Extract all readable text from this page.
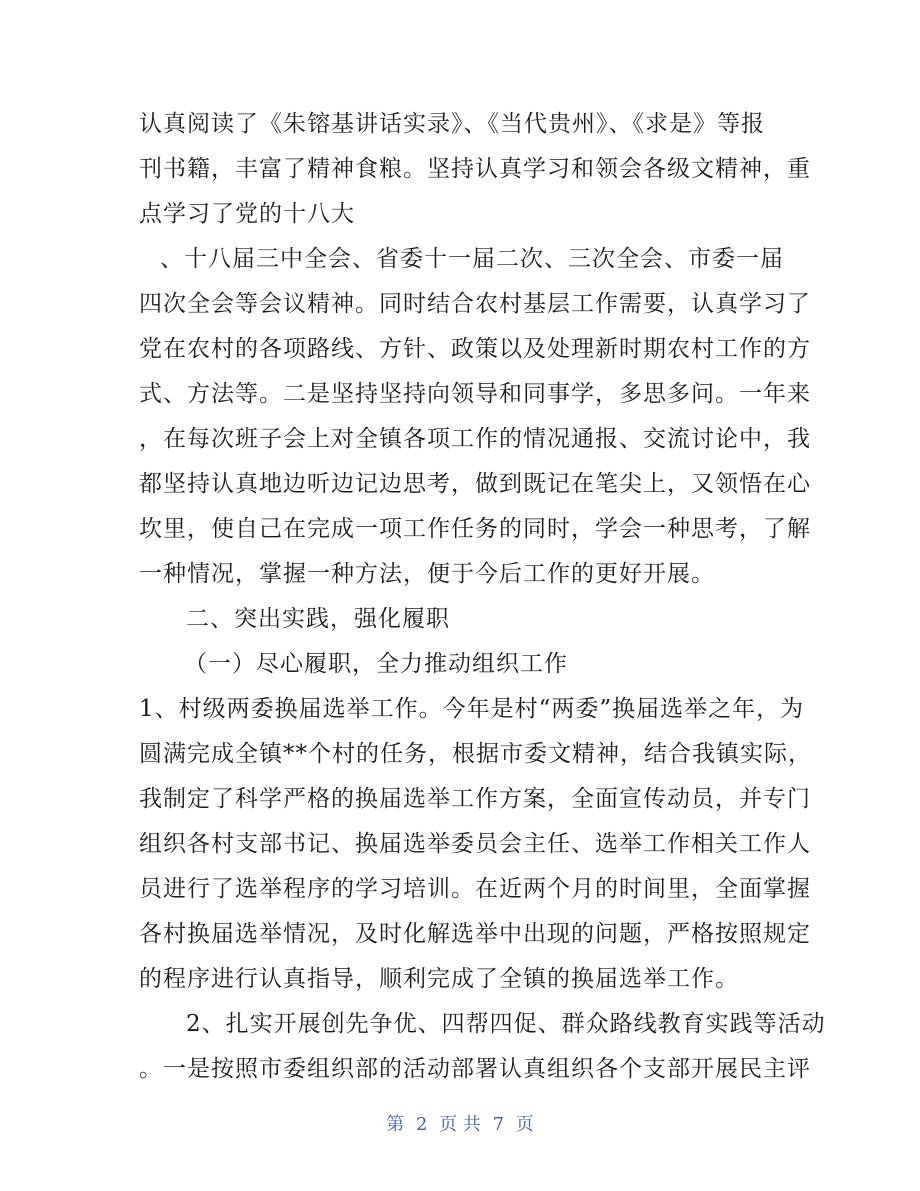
认真阅读了《朱镕基讲话实录》、《当代贵州》、《求是》等报
刊书籍，丰富了精神食粮。坚持认真学习和领会各级文精神，重
点学习了党的十八大
、十八届三中全会、省委十一届二次、三次全会、市委一届
四次全会等会议精神。同时结合农村基层工作需要，认真学习了
党在农村的各项路线、方针、政策以及处理新时期农村工作的方
式、方法等。二是坚持坚持向领导和同事学，多思多问。一年来
，在每次班子会上对全镇各项工作的情况通报、交流讨论中，我
都坚持认真地边听边记边思考，做到既记在笔尖上，又领悟在心
坎里，使自己在完成一项工作任务的同时，学会一种思考，了解
一种情况，掌握一种方法，便于今后工作的更好开展。
二、突出实践，强化履职
（一）尽心履职，全力推动组织工作
1、村级两委换届选举工作。今年是村“两委”换届选举之年，为
圆满完成全镇**个村的任务，根据市委文精神，结合我镇实际，
我制定了科学严格的换届选举工作方案，全面宣传动员，并专门
组织各村支部书记、换届选举委员会主任、选举工作相关工作人
员进行了选举程序的学习培训。在近两个月的时间里，全面掌握
各村换届选举情况，及时化解选举中出现的问题，严格按照规定
的程序进行认真指导，顺利完成了全镇的换届选举工作。
2、扎实开展创先争优、四帮四促、群众路线教育实践等活动
。一是按照市委组织部的活动部署认真组织各个支部开展民主评
第 2 页 共 7 页
